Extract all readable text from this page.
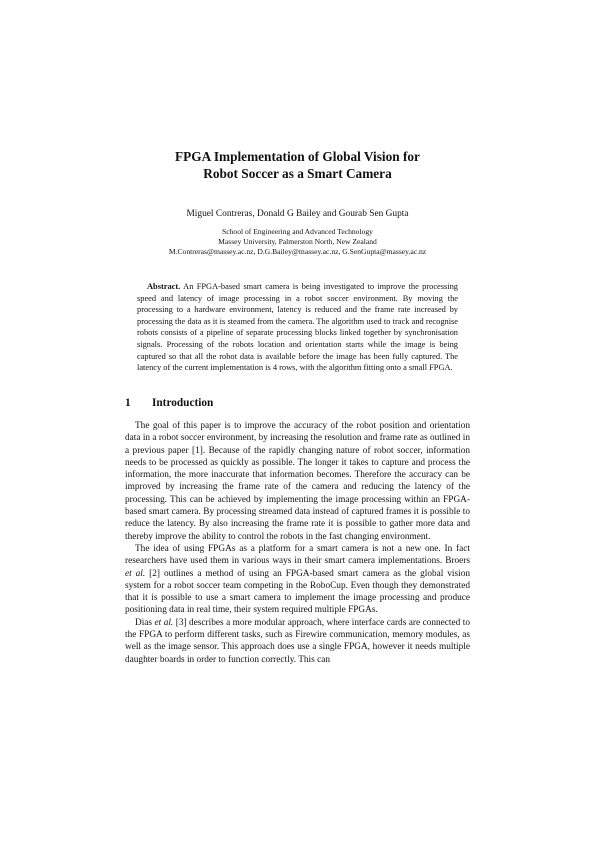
FPGA Implementation of Global Vision for
Robot Soccer as a Smart Camera
Miguel Contreras, Donald G Bailey and Gourab Sen Gupta
School of Engineering and Advanced Technology
Massey University, Palmerston North, New Zealand
M.Contreras@massey.ac.nz, D.G.Bailey@massey.ac.nz, G.SenGupta@massey.ac.nz
Abstract. An FPGA-based smart camera is being investigated to improve the processing speed and latency of image processing in a robot soccer environment. By moving the processing to a hardware environment, latency is reduced and the frame rate increased by processing the data as it is steamed from the camera. The algorithm used to track and recognise robots consists of a pipeline of separate processing blocks linked together by synchronisation signals. Processing of the robots location and orientation starts while the image is being captured so that all the robot data is available before the image has been fully captured. The latency of the current implementation is 4 rows, with the algorithm fitting onto a small FPGA.
1 Introduction

The goal of this paper is to improve the accuracy of the robot position and orientation data in a robot soccer environment, by increasing the resolution and frame rate as outlined in a previous paper [1]. Because of the rapidly changing nature of robot soccer, information needs to be processed as quickly as possible. The longer it takes to capture and process the information, the more inaccurate that information becomes. Therefore the accuracy can be improved by increasing the frame rate of the camera and reducing the latency of the processing. This can be achieved by implementing the image processing within an FPGA-based smart camera. By processing streamed data instead of captured frames it is possible to reduce the latency. By also increasing the frame rate it is possible to gather more data and thereby improve the ability to control the robots in the fast changing environment.

The idea of using FPGAs as a platform for a smart camera is not a new one. In fact researchers have used them in various ways in their smart camera implementations. Broers et al. [2] outlines a method of using an FPGA-based smart camera as the global vision system for a robot soccer team competing in the RoboCup. Even though they demonstrated that it is possible to use a smart camera to implement the image processing and produce positioning data in real time, their system required multiple FPGAs.

Dias et al. [3] describes a more modular approach, where interface cards are connected to the FPGA to perform different tasks, such as Firewire communication, memory modules, as well as the image sensor. This approach does use a single FPGA, however it needs multiple daughter boards in order to function correctly. This can
